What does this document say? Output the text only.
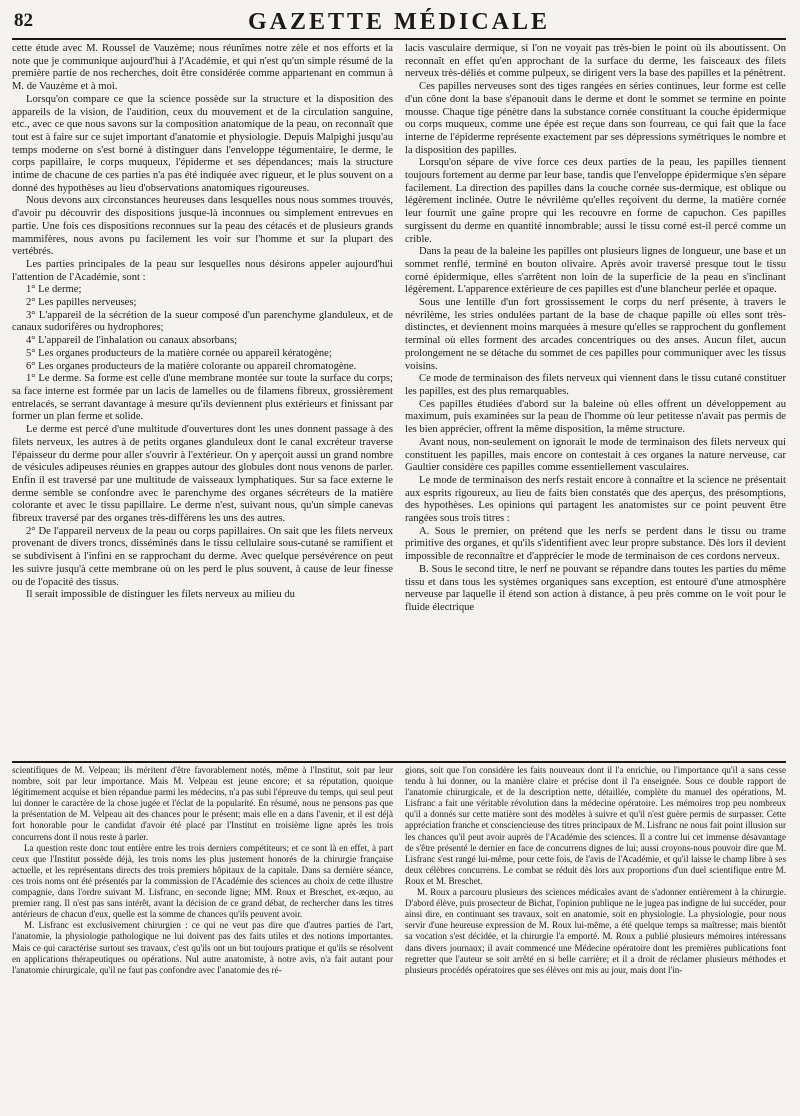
82	GAZETTE MÉDICALE

cette étude avec M. Roussel de Vauzème; nous réunîmes notre zèle et nos efforts et la note que je communique aujourd'hui à l'Académie, et qui n'est qu'un simple résumé de la première partie de nos recherches, doit être considérée comme appartenant en commun à M. de Vauzème et à moi.

Lorsqu'on compare ce que la science possède sur la structure et la disposition des appareils de la vision, de l'audition, ceux du mouvement et de la circulation sanguine, etc., avec ce que nous savons sur la composition anatomique de la peau, on reconnaît que tout est à faire sur ce sujet important d'anatomie et physiologie. Depuis Malpighi jusqu'au temps moderne on s'est borné à distinguer dans l'enveloppe tégumentaire, le derme, le corps papillaire, le corps muqueux, l'épiderme et ses dépendances; mais la structure intime de chacune de ces parties n'a pas été indiquée avec rigueur, et le plus souvent on a donné des hypothèses au lieu d'observations anatomiques rigoureuses.

Nous devons aux circonstances heureuses dans lesquelles nous nous sommes trouvés, d'avoir pu découvrir des dispositions jusque-là inconnues ou simplement entrevues en partie. Une fois ces dispositions reconnues sur la peau des cétacés et de plusieurs grands mammifères, nous avons pu facilement les voir sur l'homme et sur la plupart des vertébrés.

Les parties principales de la peau sur lesquelles nous désirons appeler aujourd'hui l'attention de l'Académie, sont :

1° Le derme;

2° Les papilles nerveuses;

3° L'appareil de la sécrétion de la sueur composé d'un parenchyme glanduleux, et de canaux sudorifères ou hydrophores;

4° L'appareil de l'inhalation ou canaux absorbans;

5° Les organes producteurs de la matière cornée ou appareil kératogène;

6° Les organes producteurs de la matière colorante ou appareil chromatogène.

1° Le derme. Sa forme est celle d'une membrane montée sur toute la surface du corps; sa face interne est formée par un lacis de lamelles ou de filamens fibreux, grossièrement entrelacés, se serrant davantage à mesure qu'ils deviennent plus extérieurs et finissant par former un plan ferme et solide.

Le derme est percé d'une multitude d'ouvertures dont les unes donnent passage à des filets nerveux, les autres à de petits organes glanduleux dont le canal excréteur traverse l'épaisseur du derme pour aller s'ouvrir à l'extérieur. On y aperçoit aussi un grand nombre de vésicules adipeuses réunies en grappes autour des globules dont nous venons de parler. Enfin il est traversé par une multitude de vaisseaux lymphatiques. Sur sa face externe le derme semble se confondre avec le parenchyme des organes sécréteurs de la matière colorante et avec le tissu papillaire. Le derme n'est, suivant nous, qu'un simple canevas fibreux traversé par des organes très-différens les uns des autres.

2° De l'appareil nerveux de la peau ou corps papillaires. On sait que les filets nerveux provenant de divers troncs, disséminés dans le tissu cellulaire sous-cutané se ramifient et se subdivisent à l'infini en se rapprochant du derme. Avec quelque persévérence on peut les suivre jusqu'à cette membrane où on les perd le plus souvent, à cause de leur finesse ou de l'opacité des tissus.

Il serait impossible de distinguer les filets nerveux au milieu du

lacis vasculaire dermique, si l'on ne voyait pas très-bien le point où ils aboutissent. On reconnaît en effet qu'en approchant de la surface du derme, les faisceaux des filets nerveux très-déliés et comme pulpeux, se dirigent vers la base des papilles et la pénètrent.

Ces papilles nerveuses sont des tiges rangées en séries continues, leur forme est celle d'un cône dont la base s'épanouit dans le derme et dont le sommet se termine en pointe mousse. Chaque tige pénètre dans la substance cornée constituant la couche épidermique ou corps muqueux, comme une épée est reçue dans son fourreau, ce qui fait que la face interne de l'épiderme représente exactement par ses dépressions symétriques le nombre et la disposition des papilles.

Lorsqu'on sépare de vive force ces deux parties de la peau, les papilles tiennent toujours fortement au derme par leur base, tandis que l'enveloppe épidermique s'en sépare facilement. La direction des papilles dans la couche cornée sus-dermique, est oblique ou légèrement inclinée. Outre le névrilème qu'elles reçoivent du derme, la matière cornée leur fournit une gaîne propre qui les recouvre en forme de capuchon. Ces papilles surgissent du derme en quantité innombrable; aussi le tissu corné est-il percé comme un crible.

Dans la peau de la baleine les papilles ont plusieurs lignes de longueur, une base et un sommet renflé, terminé en bouton olivaire. Après avoir traversé presque tout le tissu corné épidermique, elles s'arrêtent non loin de la superficie de la peau en s'inclinant légèrement. L'apparence extérieure de ces papilles est d'une blancheur perlée et opaque.

Sous une lentille d'un fort grossissement le corps du nerf présente, à travers le névrilème, les stries ondulées partant de la base de chaque papille où elles sont très-distinctes, et deviennent moins marquées à mesure qu'elles se rapprochent du gonflement terminal où elles forment des arcades concentriques ou des anses. Aucun filet, aucun prolongement ne se détache du sommet de ces papilles pour communiquer avec les tissus voisins.

Ce mode de terminaison des filets nerveux qui viennent dans le tissu cutané constituer les papilles, est des plus remarquables.

Ces papilles étudiées d'abord sur la baleine où elles offrent un développement au maximum, puis examinées sur la peau de l'homme où leur petitesse n'avait pas permis de les bien apprécier, offrent la même disposition, la même structure.

Avant nous, non-seulement on ignorait le mode de terminaison des filets nerveux qui constituent les papilles, mais encore on contestait à ces organes la nature nerveuse, car Gaultier considère ces papilles comme essentiellement vasculaires.

Le mode de terminaison des nerfs restait encore à connaître et la science ne présentait aux esprits rigoureux, au lieu de faits bien constatés que des aperçus, des présomptions, des hypothèses. Les opinions qui partagent les anatomistes sur ce point peuvent être rangées sous trois titres :

A. Sous le premier, on prétend que les nerfs se perdent dans le tissu ou trame primitive des organes, et qu'ils s'identifient avec leur propre substance. Dès lors il devient impossible de reconnaître et d'apprécier le mode de terminaison de ces cordons nerveux.

B. Sous le second titre, le nerf ne pouvant se répandre dans toutes les parties du même tissu et dans tous les systèmes organiques sans exception, est entouré d'une atmosphère nerveuse par laquelle il étend son action à distance, à peu près comme on le voit pour le fluide électrique

scientifiques de M. Velpeau; ils méritent d'être favorablement notés, même à l'Institut, soit par leur nombre, soit par leur importance. Mais M. Velpeau est jeune encore; et sa réputation, quoique légitimement acquise et bien répandue parmi les médecins, n'a pas subi l'épreuve du temps, qui seul peut lui donner le caractère de la chose jugée et l'éclat de la popularité. En résumé, nous ne pensons pas que la présentation de M. Velpeau ait des chances pour le présent; mais elle en a dans l'avenir, et il est déjà fort honorable pour le candidat d'avoir été placé par l'Institut en troisième ligne après les trois concurrens dont il nous reste à parler.

La question reste donc tout entière entre les trois derniers compétiteurs; et ce sont là en effet, à part ceux que l'Institut possède déjà, les trois noms les plus justement honorés de la chirurgie française actuelle, et les représentans directs des trois premiers hôpitaux de la capitale. Dans sa dernière séance, ces trois noms ont été présentés par la commission de l'Académie des sciences au choix de cette illustre compagnie, dans l'ordre suivant M. Lisfranc, en seconde ligne; MM. Roux et Breschet, ex-æquo, au premier rang. Il n'est pas sans intérêt, avant la décision de ce grand débat, de rechercher dans les titres antérieurs de chacun d'eux, quelle est la somme de chances qu'ils peuvent avoir.

M. Lisfranc est exclusivement chirurgien : ce qui ne veut pas dire que d'autres parties de l'art, l'anatomie, la physiologie pathologique ne lui doivent pas des faits utiles et des notions importantes. Mais ce qui caractérise surtout ses travaux, c'est qu'ils ont un but toujours pratique et qu'ils se résolvent en applications thérapeutiques ou opérations. Nul autre anatomiste, à notre avis, n'a fait autant pour l'anatomie chirurgicale, qu'il ne faut pas confondre avec l'anatomie des ré-

gions, soit que l'on considère les faits nouveaux dont il l'a enrichie, ou l'importance qu'il a sans cesse tendu à lui donner, ou la manière claire et précise dont il l'a enseignée. Sous ce double rapport de l'anatomie chirurgicale, et de la description nette, détaillée, complète du manuel des opérations, M. Lisfranc a fait une véritable révolution dans la médecine opératoire. Les mémoires trop peu nombreux qu'il a donnés sur cette matière sont des modèles à suivre et qu'il n'est guère permis de surpasser. Cette appréciation franche et consciencieuse des titres principaux de M. Lisfranc ne nous fait point illusion sur les chances qu'il peut avoir auprès de l'Académie des sciences. Il a contre lui cet immense désavantage de s'être présenté le dernier en face de concurrens dignes de lui; aussi croyons-nous pouvoir dire que M. Lisfranc s'est rangé lui-même, pour cette fois, de l'avis de l'Académie, et qu'il laisse le champ libre à ses deux célèbres concurrens. Le combat se réduit dès lors aux proportions d'un duel scientifique entre M. Roux et M. Breschet.

M. Roux a parcouru plusieurs des sciences médicales avant de s'adonner entièrement à la chirurgie. D'abord élève, puis prosecteur de Bichat, l'opinion publique ne le jugea pas indigne de lui succéder, pour ainsi dire, en continuant ses travaux, soit en anatomie, soit en physiologie. La physiologie, pour nous servir d'une heureuse expression de M. Roux lui-même, a été quelque temps sa maîtresse; mais bientôt sa vocation s'est décidée, et la chirurgie l'a emporté. M. Roux a publié plusieurs mémoires intéressans dans divers journaux; il avait commencé une Médecine opératoire dont les premières publications font regretter que l'auteur se soit arrêté en si belle carrière; et il a droit de réclamer plusieurs méthodes et plusieurs procédés opératoires que ses élèves ont mis au jour, mais dont l'in-
